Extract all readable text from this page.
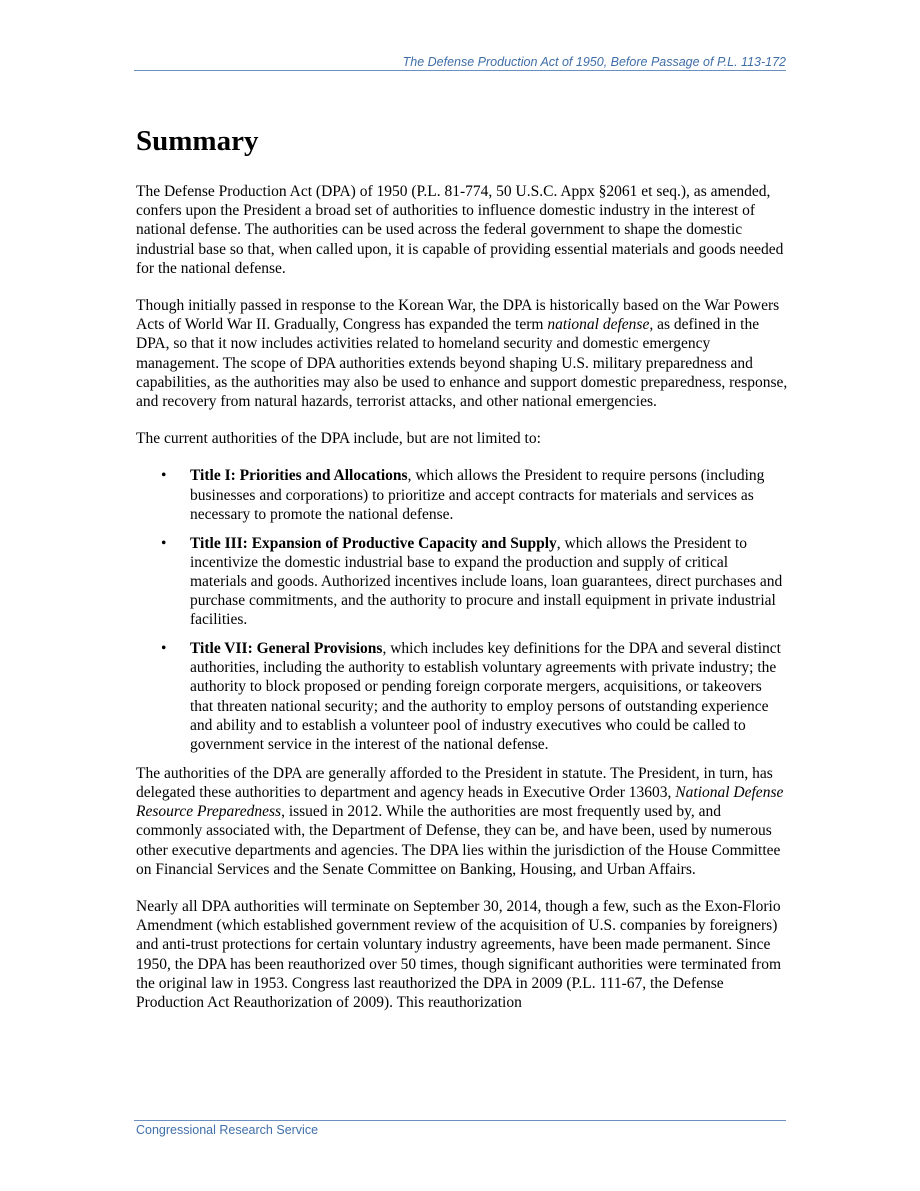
The Defense Production Act of 1950, Before Passage of P.L. 113-172
Summary

The Defense Production Act (DPA) of 1950 (P.L. 81-774, 50 U.S.C. Appx §2061 et seq.), as amended, confers upon the President a broad set of authorities to influence domestic industry in the interest of national defense. The authorities can be used across the federal government to shape the domestic industrial base so that, when called upon, it is capable of providing essential materials and goods needed for the national defense.

Though initially passed in response to the Korean War, the DPA is historically based on the War Powers Acts of World War II. Gradually, Congress has expanded the term national defense, as defined in the DPA, so that it now includes activities related to homeland security and domestic emergency management. The scope of DPA authorities extends beyond shaping U.S. military preparedness and capabilities, as the authorities may also be used to enhance and support domestic preparedness, response, and recovery from natural hazards, terrorist attacks, and other national emergencies.

The current authorities of the DPA include, but are not limited to:

• Title I: Priorities and Allocations, which allows the President to require persons (including businesses and corporations) to prioritize and accept contracts for materials and services as necessary to promote the national defense.
• Title III: Expansion of Productive Capacity and Supply, which allows the President to incentivize the domestic industrial base to expand the production and supply of critical materials and goods. Authorized incentives include loans, loan guarantees, direct purchases and purchase commitments, and the authority to procure and install equipment in private industrial facilities.
• Title VII: General Provisions, which includes key definitions for the DPA and several distinct authorities, including the authority to establish voluntary agreements with private industry; the authority to block proposed or pending foreign corporate mergers, acquisitions, or takeovers that threaten national security; and the authority to employ persons of outstanding experience and ability and to establish a volunteer pool of industry executives who could be called to government service in the interest of the national defense.

The authorities of the DPA are generally afforded to the President in statute. The President, in turn, has delegated these authorities to department and agency heads in Executive Order 13603, National Defense Resource Preparedness, issued in 2012. While the authorities are most frequently used by, and commonly associated with, the Department of Defense, they can be, and have been, used by numerous other executive departments and agencies. The DPA lies within the jurisdiction of the House Committee on Financial Services and the Senate Committee on Banking, Housing, and Urban Affairs.

Nearly all DPA authorities will terminate on September 30, 2014, though a few, such as the Exon-Florio Amendment (which established government review of the acquisition of U.S. companies by foreigners) and anti-trust protections for certain voluntary industry agreements, have been made permanent. Since 1950, the DPA has been reauthorized over 50 times, though significant authorities were terminated from the original law in 1953. Congress last reauthorized the DPA in 2009 (P.L. 111-67, the Defense Production Act Reauthorization of 2009). This reauthorization

Congressional Research Service
